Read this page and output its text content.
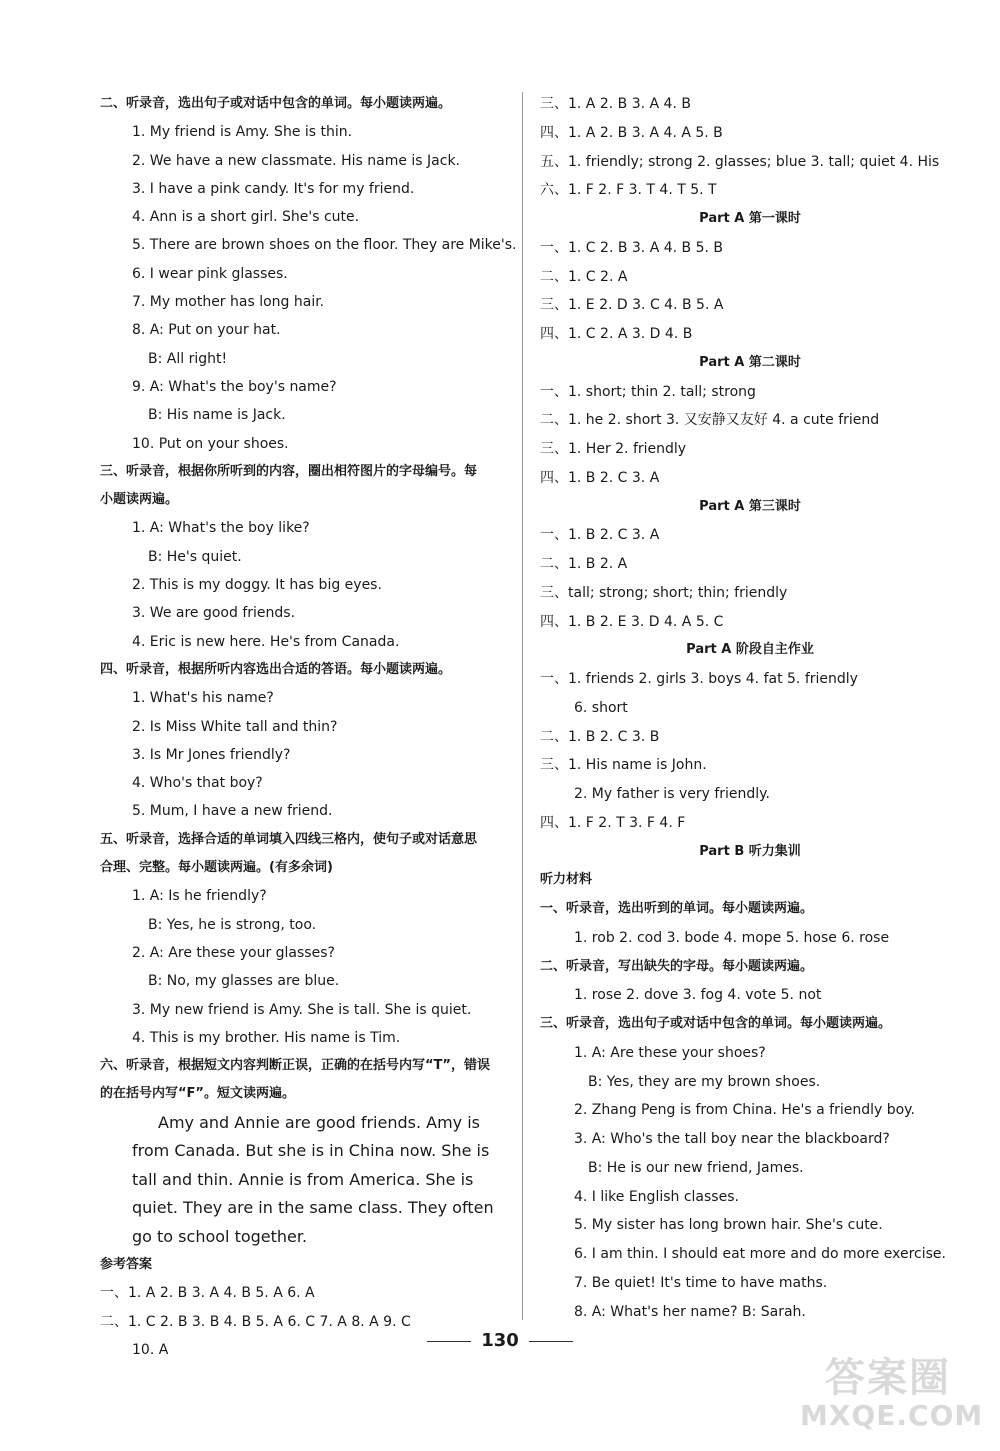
二、听录音，选出句子或对话中包含的单词。每小题读两遍。
1. My friend is Amy. She is thin.
2. We have a new classmate. His name is Jack.
3. I have a pink candy. It's for my friend.
4. Ann is a short girl. She's cute.
5. There are brown shoes on the floor. They are Mike's.
6. I wear pink glasses.
7. My mother has long hair.
8. A: Put on your hat.
B: All right!
9. A: What's the boy's name?
B: His name is Jack.
10. Put on your shoes.
三、听录音，根据你所听到的内容，圈出相符图片的字母编号。每
小题读两遍。
1. A: What's the boy like?
B: He's quiet.
2. This is my doggy. It has big eyes.
3. We are good friends.
4. Eric is new here. He's from Canada.
四、听录音，根据所听内容选出合适的答语。每小题读两遍。
1. What's his name?
2. Is Miss White tall and thin?
3. Is Mr Jones friendly?
4. Who's that boy?
5. Mum, I have a new friend.
五、听录音，选择合适的单词填入四线三格内，使句子或对话意思
合理、完整。每小题读两遍。(有多余词)
1. A: Is he friendly?
B: Yes, he is strong, too.
2. A: Are these your glasses?
B: No, my glasses are blue.
3. My new friend is Amy. She is tall. She is quiet.
4. This is my brother. His name is Tim.
六、听录音，根据短文内容判断正误，正确的在括号内写“T”，错误
的在括号内写“F”。短文读两遍。
Amy and Annie are good friends. Amy is from Canada. But she is in China now. She is tall and thin. Annie is from America. She is quiet. They are in the same class. They often go to school together.
参考答案
一、1. A 2. B 3. A 4. B 5. A 6. A
二、1. C 2. B 3. B 4. B 5. A 6. C 7. A 8. A 9. C
10. A
三、1. A 2. B 3. A 4. B
四、1. A 2. B 3. A 4. A 5. B
五、1. friendly; strong 2. glasses; blue 3. tall; quiet 4. His
六、1. F 2. F 3. T 4. T 5. T
Part A 第一课时
一、1. C 2. B 3. A 4. B 5. B
二、1. C 2. A
三、1. E 2. D 3. C 4. B 5. A
四、1. C 2. A 3. D 4. B
Part A 第二课时
一、1. short; thin 2. tall; strong
二、1. he 2. short 3. 又安静又友好 4. a cute friend
三、1. Her 2. friendly
四、1. B 2. C 3. A
Part A 第三课时
一、1. B 2. C 3. A
二、1. B 2. A
三、tall; strong; short; thin; friendly
四、1. B 2. E 3. D 4. A 5. C
Part A 阶段自主作业
一、1. friends 2. girls 3. boys 4. fat 5. friendly
6. short
二、1. B 2. C 3. B
三、1. His name is John.
2. My father is very friendly.
四、1. F 2. T 3. F 4. F
Part B 听力集训
听力材料
一、听录音，选出听到的单词。每小题读两遍。
1. rob 2. cod 3. bode 4. mope 5. hose 6. rose
二、听录音，写出缺失的字母。每小题读两遍。
1. rose 2. dove 3. fog 4. vote 5. not
三、听录音，选出句子或对话中包含的单词。每小题读两遍。
1. A: Are these your shoes?
B: Yes, they are my brown shoes.
2. Zhang Peng is from China. He's a friendly boy.
3. A: Who's the tall boy near the blackboard?
B: He is our new friend, James.
4. I like English classes.
5. My sister has long brown hair. She's cute.
6. I am thin. I should eat more and do more exercise.
7. Be quiet! It's time to have maths.
8. A: What's her name? B: Sarah.
130
答案圈
MXQE.COM
